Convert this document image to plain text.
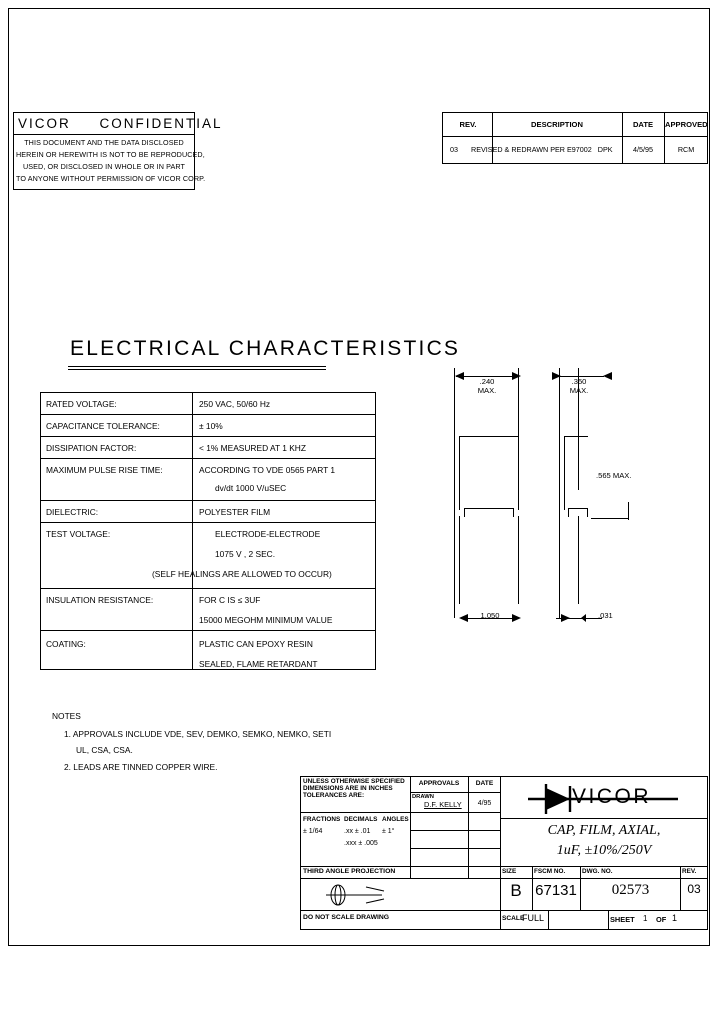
VICOR     CONFIDENTIAL
THIS DOCUMENT AND THE DATA DISCLOSED
HEREIN OR HEREWITH IS NOT TO BE REPRODUCED,
USED, OR DISCLOSED IN WHOLE OR IN PART
TO ANYONE WITHOUT PERMISSION OF VICOR CORP.
REV.	DESCRIPTION	DATE	APPROVED
03 REVISED & REDRAWN PER E97002   DPK	4/5/95	RCM
ELECTRICAL CHARACTERISTICS
RATED VOLTAGE:	250 VAC, 50/60 Hz
CAPACITANCE TOLERANCE:	± 10%
DISSIPATION FACTOR:	< 1% MEASURED AT 1 KHZ
MAXIMUM PULSE RISE TIME:	ACCORDING TO VDE 0565 PART 1
dv/dt 1000 V/uSEC
DIELECTRIC:	POLYESTER FILM
TEST VOLTAGE:	ELECTRODE-ELECTRODE
1075 V , 2 SEC.
(SELF HEALINGS ARE ALLOWED TO OCCUR)
INSULATION RESISTANCE:	FOR C IS ≤ 3UF
15000 MEGOHM MINIMUM VALUE
COATING:	PLASTIC CAN EPOXY RESIN
SEALED, FLAME RETARDANT
NOTES
1. APPROVALS INCLUDE VDE, SEV, DEMKO, SEMKO, NEMKO, SETI
UL, CSA, CSA.
2. LEADS ARE TINNED COPPER WIRE.
.240
MAX.
1.050
.350
MAX.
.565 MAX.
.031
UNLESS OTHERWISE SPECIFIED
DIMENSIONS ARE IN INCHES
TOLERANCES ARE:
FRACTIONS DECIMALS ANGLES
± 1/64	.xx ± .01 ± 1°
.xxx ± .005
THIRD ANGLE PROJECTION
DO NOT SCALE DRAWING
APPROVALS	DATE
DRAWN
D.F. KELLY	4/95	VICOR
CAP, FILM, AXIAL,
1uF, ±10%/250V
SIZE	FSCM NO.	DWG. NO.	REV.
B 67131	02573	03
SCALE
FULL	SHEET 1 OF 1
